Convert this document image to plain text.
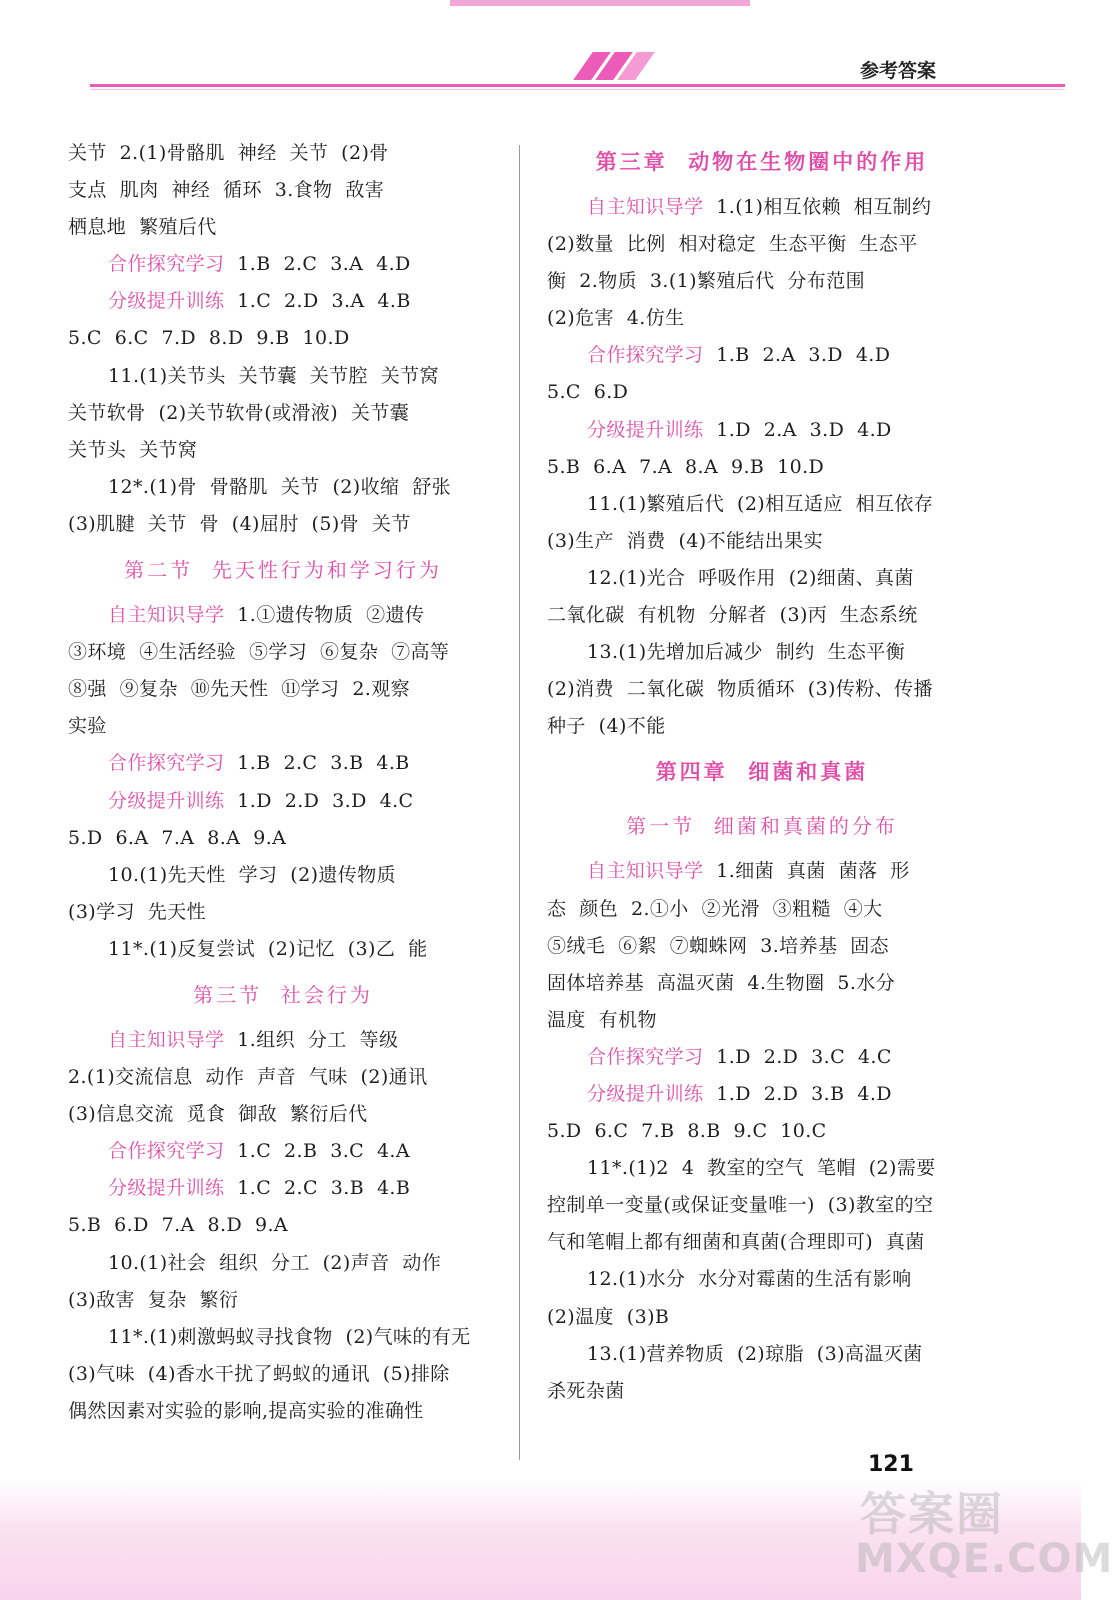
参考答案
关节  2.(1)骨骼肌  神经  关节  (2)骨
支点  肌肉  神经  循环  3.食物  敌害
栖息地  繁殖后代
合作探究学习  1.B  2.C  3.A  4.D
分级提升训练  1.C  2.D  3.A  4.B
5.C  6.C  7.D  8.D  9.B  10.D
11.(1)关节头  关节囊  关节腔  关节窝
关节软骨  (2)关节软骨(或滑液)  关节囊
关节头  关节窝
12*.(1)骨  骨骼肌  关节  (2)收缩  舒张
(3)肌腱  关节  骨  (4)屈肘  (5)骨  关节
第二节  先天性行为和学习行为
自主知识导学  1.①遗传物质  ②遗传
③环境  ④生活经验  ⑤学习  ⑥复杂  ⑦高等
⑧强  ⑨复杂  ⑩先天性  ⑪学习  2.观察
实验
合作探究学习  1.B  2.C  3.B  4.B
分级提升训练  1.D  2.D  3.D  4.C
5.D  6.A  7.A  8.A  9.A
10.(1)先天性  学习  (2)遗传物质
(3)学习  先天性
11*.(1)反复尝试  (2)记忆  (3)乙  能
第三节  社会行为
自主知识导学  1.组织  分工  等级
2.(1)交流信息  动作  声音  气味  (2)通讯
(3)信息交流  觅食  御敌  繁衍后代
合作探究学习  1.C  2.B  3.C  4.A
分级提升训练  1.C  2.C  3.B  4.B
5.B  6.D  7.A  8.D  9.A
10.(1)社会  组织  分工  (2)声音  动作
(3)敌害  复杂  繁衍
11*.(1)刺激蚂蚁寻找食物  (2)气味的有无
(3)气味  (4)香水干扰了蚂蚁的通讯  (5)排除
偶然因素对实验的影响,提高实验的准确性
第三章  动物在生物圈中的作用
自主知识导学  1.(1)相互依赖  相互制约
(2)数量  比例  相对稳定  生态平衡  生态平
衡  2.物质  3.(1)繁殖后代  分布范围
(2)危害  4.仿生
合作探究学习  1.B  2.A  3.D  4.D
5.C  6.D
分级提升训练  1.D  2.A  3.D  4.D
5.B  6.A  7.A  8.A  9.B  10.D
11.(1)繁殖后代  (2)相互适应  相互依存
(3)生产  消费  (4)不能结出果实
12.(1)光合  呼吸作用  (2)细菌、真菌
二氧化碳  有机物  分解者  (3)丙  生态系统
13.(1)先增加后减少  制约  生态平衡
(2)消费  二氧化碳  物质循环  (3)传粉、传播
种子  (4)不能
第四章  细菌和真菌
第一节  细菌和真菌的分布
自主知识导学  1.细菌  真菌  菌落  形
态  颜色  2.①小  ②光滑  ③粗糙  ④大
⑤绒毛  ⑥絮  ⑦蜘蛛网  3.培养基  固态
固体培养基  高温灭菌  4.生物圈  5.水分
温度  有机物
合作探究学习  1.D  2.D  3.C  4.C
分级提升训练  1.D  2.D  3.B  4.D
5.D  6.C  7.B  8.B  9.C  10.C
11*.(1)2  4  教室的空气  笔帽  (2)需要
控制单一变量(或保证变量唯一)  (3)教室的空
气和笔帽上都有细菌和真菌(合理即可)  真菌
12.(1)水分  水分对霉菌的生活有影响
(2)温度  (3)B
13.(1)营养物质  (2)琼脂  (3)高温灭菌
杀死杂菌
121
答案圈
MXQE.COM
